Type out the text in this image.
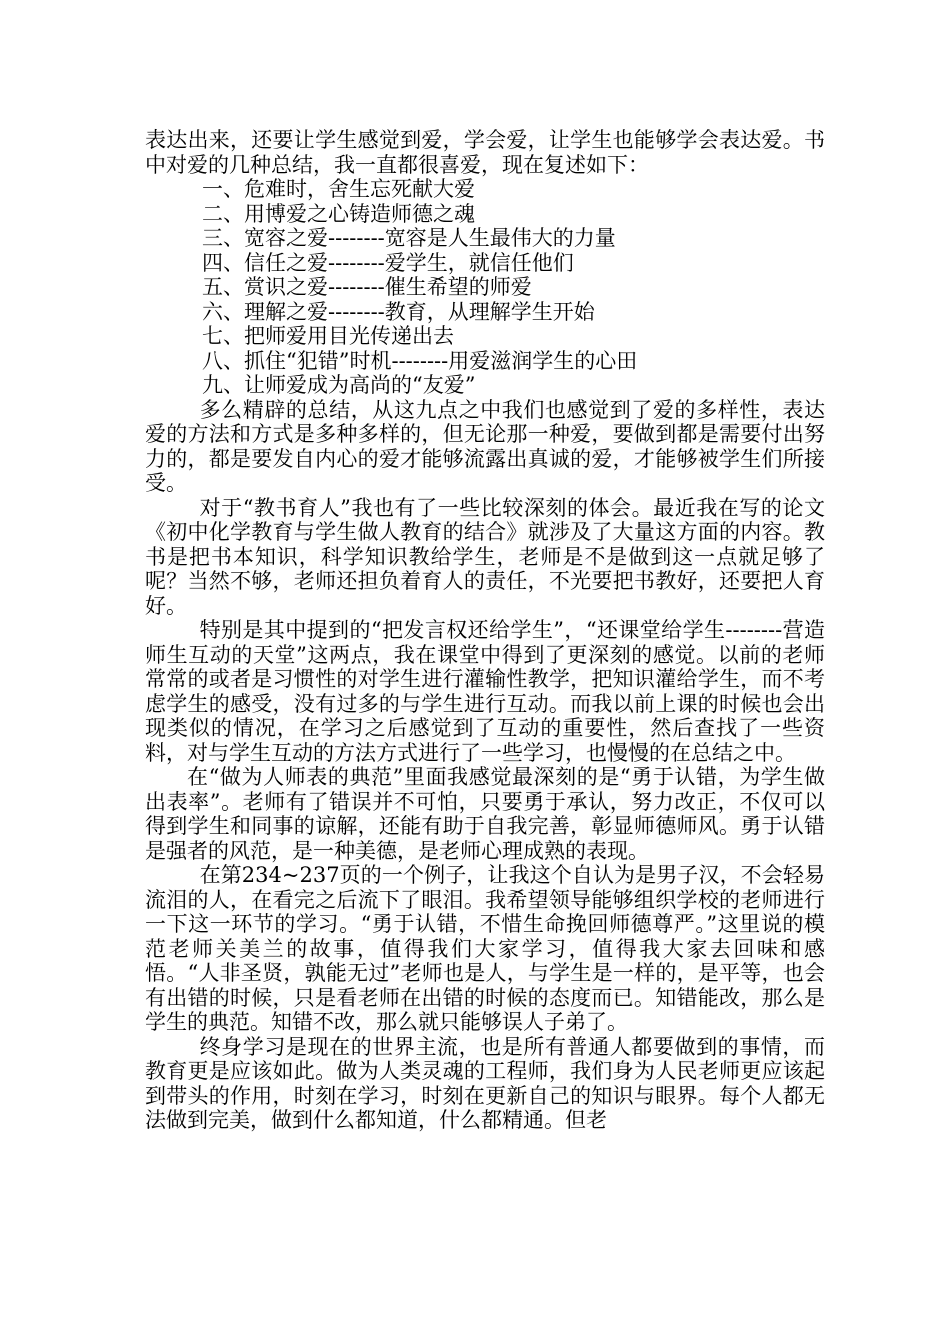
表达出来，还要让学生感觉到爱，学会爱，让学生也能够学会表达爱。书中对爱的几种总结，我一直都很喜爱，现在复述如下：

一、危难时，舍生忘死献大爱
二、用博爱之心铸造师德之魂
三、宽容之爱--------宽容是人生最伟大的力量
四、信任之爱--------爱学生，就信任他们
五、赏识之爱--------催生希望的师爱
六、理解之爱--------教育，从理解学生开始
七、把师爱用目光传递出去
八、抓住“犯错”时机--------用爱滋润学生的心田
九、让师爱成为高尚的“友爱”

多么精辟的总结，从这九点之中我们也感觉到了爱的多样性，表达爱的方法和方式是多种多样的，但无论那一种爱，要做到都是需要付出努力的，都是要发自内心的爱才能够流露出真诚的爱，才能够被学生们所接受。

对于“教书育人”我也有了一些比较深刻的体会。最近我在写的论文《初中化学教育与学生做人教育的结合》就涉及了大量这方面的内容。教书是把书本知识，科学知识教给学生，老师是不是做到这一点就足够了呢？当然不够，老师还担负着育人的责任，不光要把书教好，还要把人育好。

特别是其中提到的“把发言权还给学生”，“还课堂给学生--------营造师生互动的天堂”这两点，我在课堂中得到了更深刻的感觉。以前的老师常常的或者是习惯性的对学生进行灌输性教学，把知识灌给学生，而不考虑学生的感受，没有过多的与学生进行互动。而我以前上课的时候也会出现类似的情况，在学习之后感觉到了互动的重要性，然后查找了一些资料，对与学生互动的方法方式进行了一些学习，也慢慢的在总结之中。

在“做为人师表的典范”里面我感觉最深刻的是“勇于认错，为学生做出表率”。老师有了错误并不可怕，只要勇于承认，努力改正，不仅可以得到学生和同事的谅解，还能有助于自我完善，彰显师德师风。勇于认错是强者的风范，是一种美德，是老师心理成熟的表现。

在第234~237页的一个例子，让我这个自认为是男子汉，不会轻易流泪的人，在看完之后流下了眼泪。我希望领导能够组织学校的老师进行一下这一环节的学习。“勇于认错，不惜生命挽回师德尊严。”这里说的模范老师关美兰的故事，值得我们大家学习，值得我大家去回味和感悟。“人非圣贤，孰能无过”老师也是人，与学生是一样的，是平等，也会有出错的时候，只是看老师在出错的时候的态度而已。知错能改，那么是学生的典范。知错不改，那么就只能够误人子弟了。

终身学习是现在的世界主流，也是所有普通人都要做到的事情，而教育更是应该如此。做为人类灵魂的工程师，我们身为人民老师更应该起到带头的作用，时刻在学习，时刻在更新自己的知识与眼界。每个人都无法做到完美，做到什么都知道，什么都精通。但老
